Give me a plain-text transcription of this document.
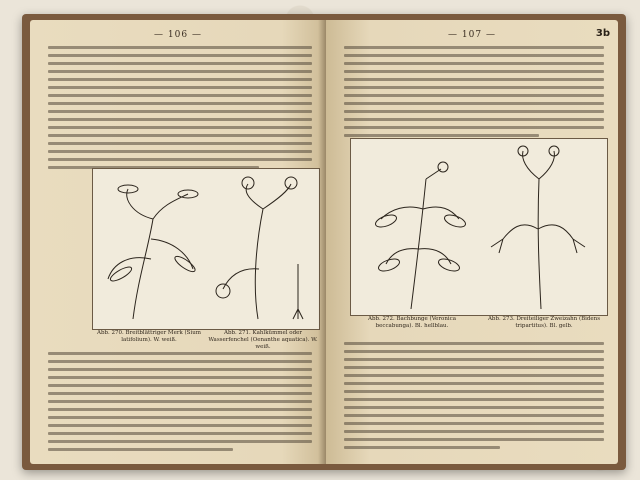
— 106 —
Abb. 270. Breitblättriger Merk (Sium latifolium). W. weiß.
Abb. 271. Kahlkümmel oder Wasserfenchel (Oenanthe aquatica). W. weiß.
— 107 —	3b
Abb. 272. Bachbunge (Veronica beccabunga). Bl. hellblau.
Abb. 273. Dreiteiliger Zweizahn (Bidens tripartitus). Bl. gelb.
